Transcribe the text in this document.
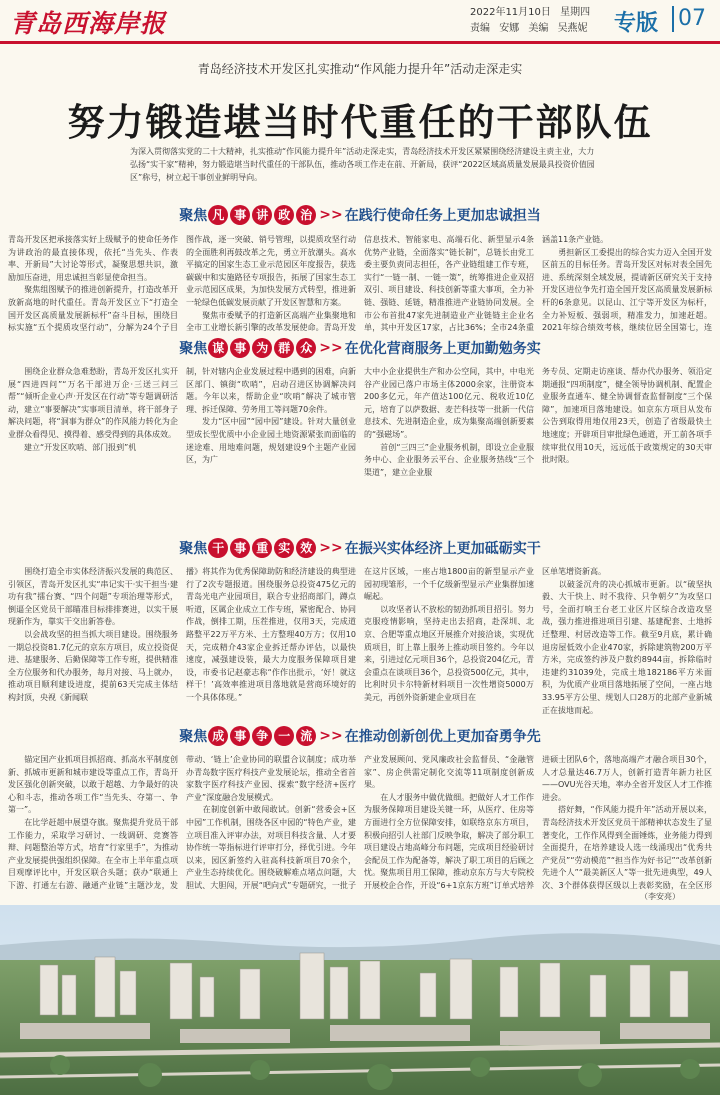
青岛西海岸报	2022年11月10日 星期四
责编 安娜 美编 吴燕妮	专版 07
青岛经济技术开发区扎实推动“作风能力提升年”活动走深走实
努力锻造堪当时代重任的干部队伍

为深入贯彻落实党的二十大精神，扎实推动“作风能力提升年”活动走深走实，青岛经济技术开发区紧紧围绕经济建设主责主业，大力弘扬“实干家”精神，努力锻造堪当时代重任的干部队伍，推动各项工作走在前、开新局，获评“2022区域高质量发展最具投资价值园区”称号，树立起干事创业鲜明导向。

聚焦 凡 事 讲 政 治 >> 在践行使命任务上更加忠诚担当
青岛开发区把承接落实好上级赋予的使命任务作为讲政治的最直接体现，依托“当先头、作表率、开新局”大讨论等形式，凝聚思想共识，激励加压奋进，用忠诚担当彰显使命担当。
　　聚焦组图赋予的推进创新提升，打造改革开放新高地的时代重任。青岛开发区立下“打造全国开发区高质量发展新标杆”奋斗目标，围绕目标实施“五个提质攻坚行动”，分解为24个子目
图作战，逐一突破、销号管理，以提质攻坚行动的全面胜利再鼓改革之先，勇立开放潮头。高水平搞定的国家生态工业示范园区年度报告，获选碳碳中和实施路径专项报告，拓展了国家生态工业示范园区成果，为加快发展方式转型，推进新一轮绿色低碳发展贡献了开发区智慧和方案。
　　聚焦市委赋予的打造新区高端产业集聚地和全市工业增长新引擎的改革发展使命。青岛开发
信息技术、智能家电、高端石化、新型显示4条优势产业链，全面落实“链长制”，总链长由党工委主要负责同志担任，各产业链组建工作专班，实行“一链一制、一链一策”，统筹推进企业双招双引、项目建设、科技创新等重大事项，全力补链、强链、延链，精准推进产业链协同发展。全市公布首批47家先进制造业产业链链主企业名单，其中开发区17家，占比36%；全市24条重
涵盖11条产业链。
　　勇担新区工委提出的综合实力迈入全国开发区前五的目标任务。青岛开发区对标对表全国先进、系统深刻全域发展，提请新区研究关于支持开发区进位争先打造全国开发区高质量发展新标杆的6条意见。以昆山、江宁等开发区为标杆，全力补短板、强弱项，精准发力，加速赶超。2021年综合绩效考核，继续位居全国第七，连
聚焦 谋 事 为 群 众 >> 在优化营商服务上更加勤勉务实
　　围绕企业群众急难愁盼，青岛开发区扎实开展“四进四问”“万名干部进万企·三送三问三帮”“倾听企业心声·开发区在行动”等专题调研活动，建立“事要解决”实事项目清单，将干部身子解决问题，将“洞事为群众”的作风能力转化为企业群众看得见、摸得着、感受得到的具体成效。
　　建立“开发区吹哨、部门报到”机
制，针对辖内企业发展过程中遇到的困难，向新区部门、镇街“吹哨”，启动召进区协调解决问题。今年以来，帮助企业“吹哨”解决了城市管理、拆迁保障、劳务用工等问题70余件。
　　发力“区中园”“园中园”建设。针对大量创业型成长型优质中小企业园土地资源紧张而面临的迷途难、用地难问题，规划建设9个主题产业园区，为广
大中小企业提供生产和办公空间，其中，中电光谷产业园已落户市场主体2000余家，注册资本200多亿元，年产值达100亿元、税收近10亿元，培育了以萨数据、麦芒科技等一批新一代信息技术、先进制造企业，成为集聚高端创新要素的“强磁场”。
　　首创“三四三”企业服务机制，即设立企业服务中心、企业服务云平台、企业服务热线“三个渠道”，建立企业服
务专员、定期走访座谈、帮办代办服务、领沿定期通报“四项制度”，健全领导协调机制、配置企业服务直通车、健全协调督查监督制度“三个保障”，加速项目落地建设。如京东方项目从发布公告到取得用地仅用23天，创造了省级最快土地速度；开辟项目审批绿色通道，开工前各项手续审批仅用10天，远远低于政策规定的30天审批时限。
聚焦 干 事 重 实 效 >> 在振兴实体经济上更加砥砺实干
　　围绕打造全市实体经济振兴发展的典范区、引领区，青岛开发区扎实“串记实干·实干担当·建功有我”擂台赛、“四个问题”专项治理等形式，倒逼全区党员干部瞄准目标排排赛进，以实干展现新作为，靠实干交出新答卷。
　　以会战攻坚的担当抓大项目建设。围绕服务一期总投资81.7亿元的京东方项目，成立投资促进、基建服务、后勤保障等工作专班，提供精准全方位服务和代办服务，每月对接、马上就办，推动项目顺利建设进度，提前63天完成主体结构封顶，央视《新闻联
播》将其作为优秀保障助防和经济建设的典型进行了2次专题报道。围绕服务总投资475亿元的青岛光电产业园项目，联合专业招商部门，蹲点听道，区属企业成立工作专班，紧密配合、协同作战，倒排工期，压茬推进，仅用3天，完成道路整平22万平方米、土方整理40万方；仅用10天，完成精介43家企业拆迁帮办评估，以最快速度，减强建设装，最大力度服务保障项目建设，市委书记赵豪志称“作作出批示，‘好！就这样干！’高效率推进项目落地就是营商环境好的一个具体体现。”
在这片区域，一座占地1800亩的新型显示产业园初现雏形，一个千亿级新型显示产业集群加速崛起。
　　以攻坚者认不放松的韧劲抓项目招引。努力克服疫情影响，坚持走出去招商，赴深圳、北京、合肥等重点地区开展推介对接洽谈，实现优质项目，盯上靠上服务上推动项目签约。今年以来，引进过亿元项目36个，总投资204亿元，青会重点在谈项目36个，总投资500亿元，其中，比利时贝卡尔特新材料项目一次性增资5000万美元，再创外资新建企业项目在
区单笔增资新高。
　　以破釜沉舟的决心抓城市更新。以“破坚执毅、大干快上、时不我待、只争朝夕”为攻坚口号，全面打响王台老工业区片区综合改造攻坚战，强力推进推进项目引建、基建配套、土地拆迁整理、村居改造等工作。截至9月底，累计确退房屋低效小企业470家，拆除建筑物200万平方米，完成签约涉及户数约8944亩，拆除临时违建约31039处，完成土地182186平方米面积，为优质产业项目落地拓展了空间，一座占地33.95平方公里、规划人口28万的北部产业新城正在拔地而起。
聚焦 成 事 争 一 流 >> 在推动创新创优上更加奋勇争先
　　锚定国产业抓项目抓招商、抓高水平制度创新、抓城市更新和城市建设等重点工作，青岛开发区强化创新突破，以敢于超越、力争最好的决心和斗志，推动各项工作“当先头、夺第一、争第一”。
　　在比学赶超中展望夺旗。聚焦提升党员干部工作能力，采取学习研讨、一线调研、竞赛答辩、问题整治等方式，培育“行家里手”，为推动产业发展提供强组织保障。在全市上半年重点项目观摩评比中，开发区联合头题；获办“联通上下游、打通左右游、融通产业链”主题沙龙，发
带动、‘链上’企业协同的联盟合议制度；成功举办青岛数字医疗科技产业发展论坛，推动全省首家数字医疗科技产业园、探索“数字经济+医疗产业”深度融合发展模式。
　　在制度创新中敢闯敢试。创新“营委会+区中园”工作机制，围绕各区中园的“特色产业，建立项目准入评审办法，对项目科技含量、人才要协作统一等指标进行评审打分，择优引进。今年以来，园区新签约入驻高科技新项目70余个，产业生态持续优化。围绕破解难点堵点问题，大胆试、大胆闯，开展“吧向式”专题研究，一批子
产业发展顾问、党风廉政社会监督员、“金融管家”、房企供需定制化交流等11项制度创新成果。
　　在人才服务中做优做细。把做好人才工作作为服务保障项目建设关键一环，从医疗、住房等方面进行全方位保障安排，如联络京东方项目，积极向招引人社部门反映争取，解决了部分职工项目建设占地高峰分布问题，完成项目经验研讨会配员工作为配备等，解决了职工项目的后顾之忧。聚焦项目用工保障，推动京东方与大专院校开展校企合作，开设“6+1京东方班”订单式培养

进硕士团队6个，落地高端产才融合项目30个，人才总量达46.7万人，创新打造青年新力社区——OVU光谷天地，率办全省开发区人才工作推进会。
　　搭好舞，“作风能力提升年”活动开展以来，青岛经济技术开发区党员干部精神状态发生了显著变化，工作作风得到全面锤炼，业务能力得到全面提升，在培养建设人选一线涌现出“优秀共产党员”“劳动模范”“担当作为好书记”“改革创新先进个人”“最美新区人”等一批先进典型，49人次、3个群体获得区级以上表彰奖励，在全区形
（李安亮）
